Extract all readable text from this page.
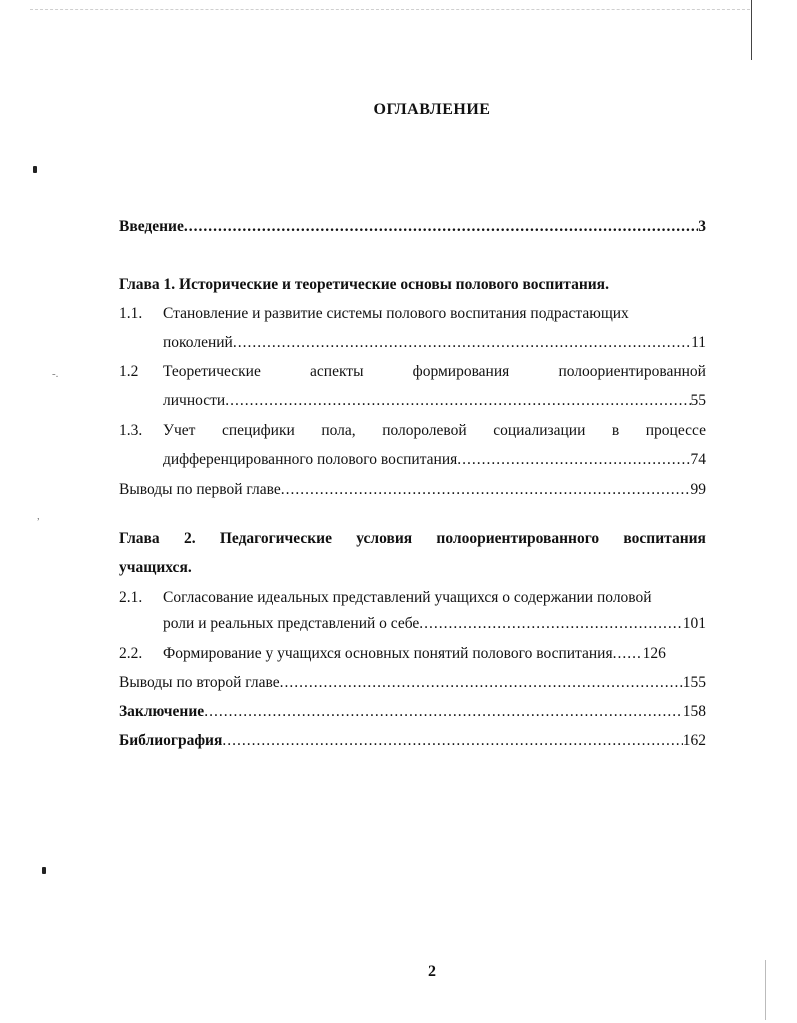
-.
,
ОГЛАВЛЕНИЕ
Введение .....	3
Глава 1. Исторические и теоретические основы полового воспитания.
1.1. Становление и развитие системы полового воспитания подрастающих
поколений .....	11
1.2 Теоретические	аспекты	формирования	полоориентированной
личности .....	55
1.3. Учет специфики пола, полоролевой социализации в процессе
дифференцированного полового воспитания .....	74
Выводы по первой главе .....	99
Глава 2. Педагогические условия полоориентированного воспитания
учащихся.
2.1. Согласование идеальных представлений учащихся о содержании половой
роли и реальных представлений о себе .....	101
2.2. Формирование у учащихся основных понятий полового воспитания ..... 126
Выводы по второй главе .....	155
Заключение .....	158
Библиография .....	162
2
